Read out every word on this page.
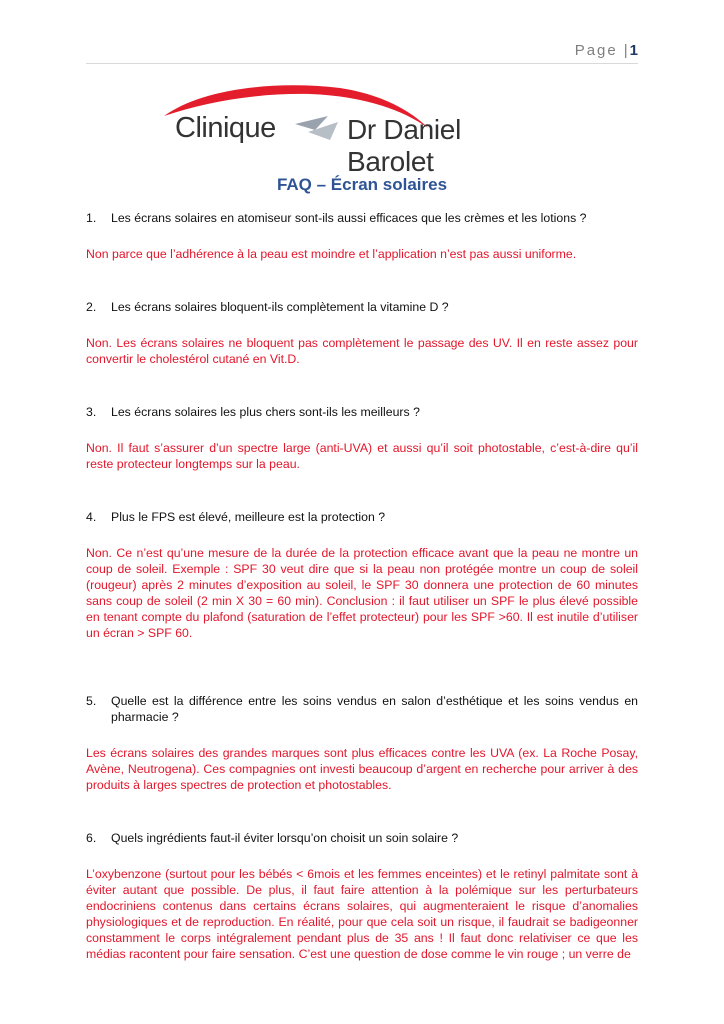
Page | 1
Clinique	Dr Daniel Barolet
FAQ – Écran solaires
1. Les écrans solaires en atomiseur sont-ils aussi efficaces que les crèmes et les lotions ?
Non parce que l’adhérence à la peau est moindre et l’application n’est pas aussi uniforme.
2. Les écrans solaires bloquent-ils complètement la vitamine D ?
Non. Les écrans solaires ne bloquent pas complètement le passage des UV. Il en reste assez pour convertir le cholestérol cutané en Vit.D.
3. Les écrans solaires les plus chers sont-ils les meilleurs ?
Non. Il faut s’assurer d’un spectre large (anti-UVA) et aussi qu’il soit photostable, c’est-à-dire qu’il reste protecteur longtemps sur la peau.
4. Plus le FPS est élevé, meilleure est la protection ?
Non. Ce n’est qu’une mesure de la durée de la protection efficace avant que la peau ne montre un coup de soleil. Exemple : SPF 30 veut dire que si la peau non protégée montre un coup de soleil (rougeur) après 2 minutes d’exposition au soleil, le SPF 30 donnera une protection de 60 minutes sans coup de soleil (2 min X 30 = 60 min). Conclusion : il faut utiliser un SPF le plus élevé possible en tenant compte du plafond (saturation de l’effet protecteur) pour les SPF >60. Il est inutile d’utiliser un écran > SPF 60.
5. Quelle est la différence entre les soins vendus en salon d’esthétique et les soins vendus en pharmacie ?
Les écrans solaires des grandes marques sont plus efficaces contre les UVA (ex. La Roche Posay, Avène, Neutrogena). Ces compagnies ont investi beaucoup d’argent en recherche pour arriver à des produits à larges spectres de protection et photostables.
6. Quels ingrédients faut-il éviter lorsqu’on choisit un soin solaire ?
L’oxybenzone (surtout pour les bébés < 6mois et les femmes enceintes) et le retinyl palmitate sont à éviter autant que possible. De plus, il faut faire attention à la polémique sur les perturbateurs endocriniens contenus dans certains écrans solaires, qui augmenteraient le risque d’anomalies physiologiques et de reproduction. En réalité, pour que cela soit un risque, il faudrait se badigeonner constamment le corps intégralement pendant plus de 35 ans ! Il faut donc relativiser ce que les médias racontent pour faire sensation. C’est une question de dose comme le vin rouge ; un verre de
